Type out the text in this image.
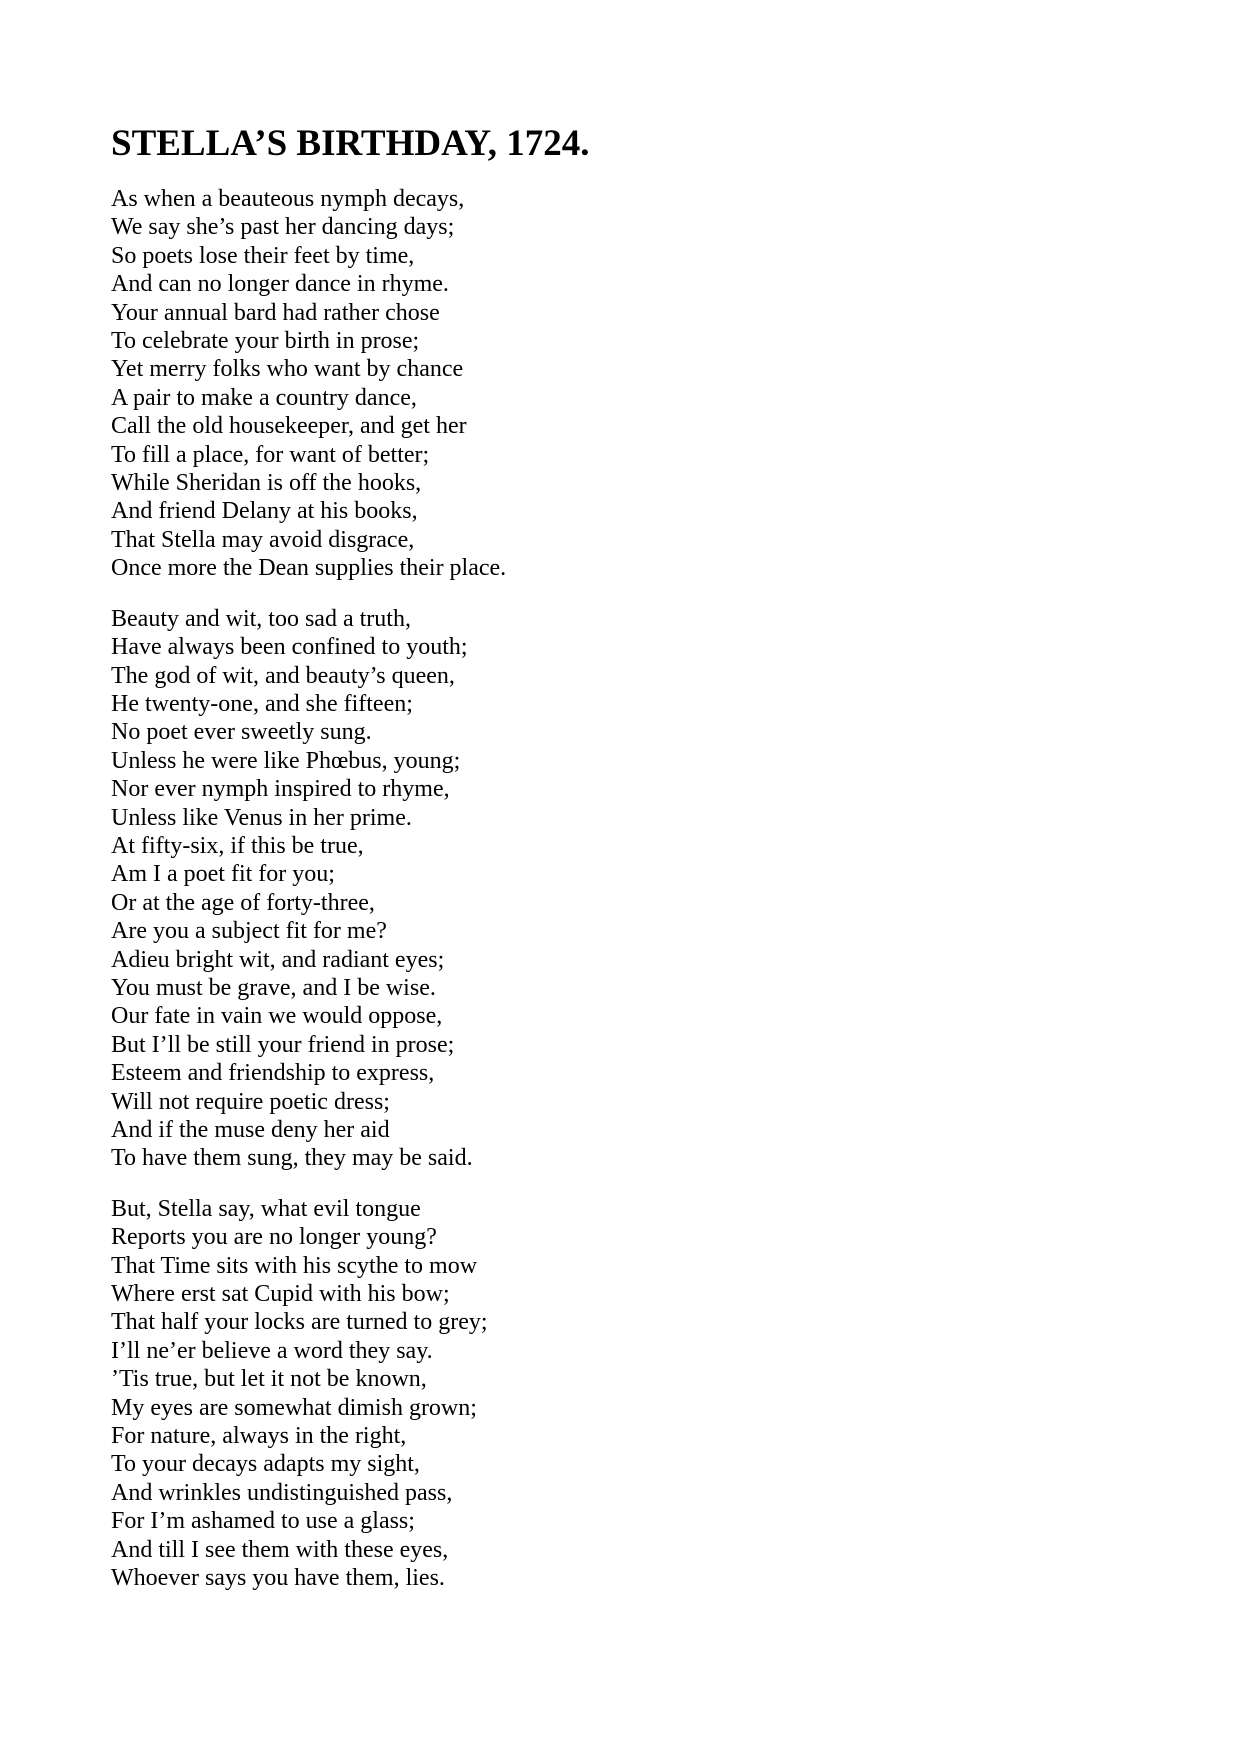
STELLA’S BIRTHDAY, 1724.
As when a beauteous nymph decays,
We say she’s past her dancing days;
So poets lose their feet by time,
And can no longer dance in rhyme.
Your annual bard had rather chose
To celebrate your birth in prose;
Yet merry folks who want by chance
A pair to make a country dance,
Call the old housekeeper, and get her
To fill a place, for want of better;
While Sheridan is off the hooks,
And friend Delany at his books,
That Stella may avoid disgrace,
Once more the Dean supplies their place.
Beauty and wit, too sad a truth,
Have always been confined to youth;
The god of wit, and beauty’s queen,
He twenty-one, and she fifteen;
No poet ever sweetly sung.
Unless he were like Phœbus, young;
Nor ever nymph inspired to rhyme,
Unless like Venus in her prime.
At fifty-six, if this be true,
Am I a poet fit for you;
Or at the age of forty-three,
Are you a subject fit for me?
Adieu bright wit, and radiant eyes;
You must be grave, and I be wise.
Our fate in vain we would oppose,
But I’ll be still your friend in prose;
Esteem and friendship to express,
Will not require poetic dress;
And if the muse deny her aid
To have them sung, they may be said.
But, Stella say, what evil tongue
Reports you are no longer young?
That Time sits with his scythe to mow
Where erst sat Cupid with his bow;
That half your locks are turned to grey;
I’ll ne’er believe a word they say.
’Tis true, but let it not be known,
My eyes are somewhat dimish grown;
For nature, always in the right,
To your decays adapts my sight,
And wrinkles undistinguished pass,
For I’m ashamed to use a glass;
And till I see them with these eyes,
Whoever says you have them, lies.
